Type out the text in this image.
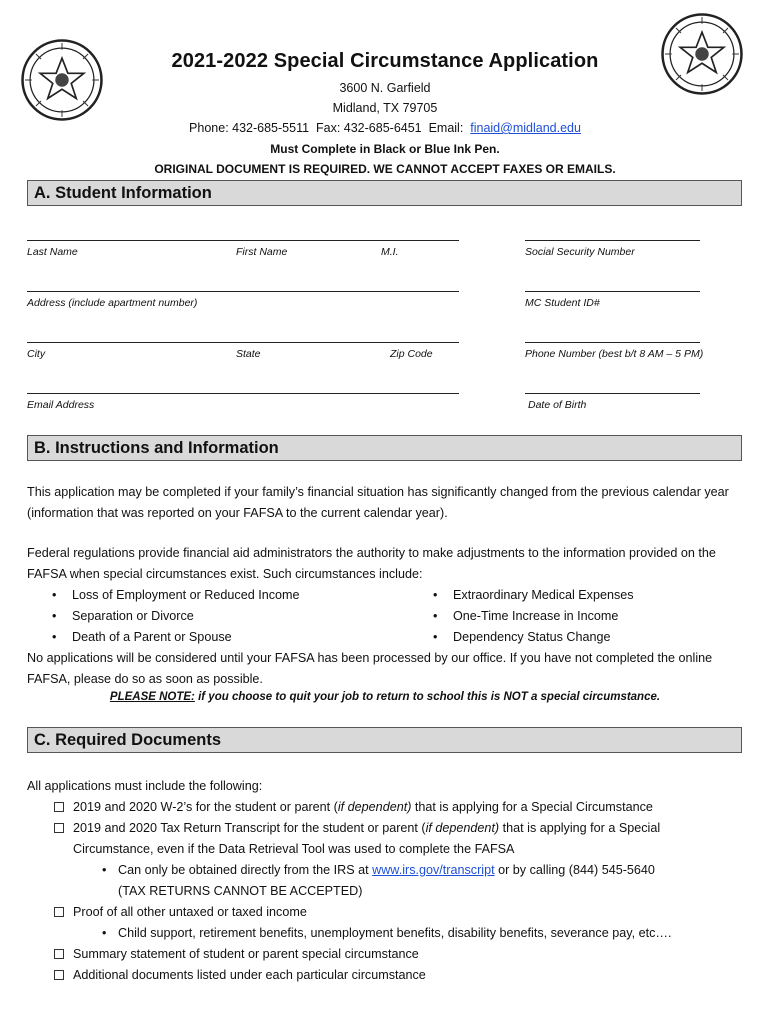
2021-2022 Special Circumstance Application
3600 N. Garfield
Midland, TX 79705
Phone: 432-685-5511  Fax: 432-685-6451  Email:  finaid@midland.edu
Must Complete in Black or Blue Ink Pen.
ORIGINAL DOCUMENT IS REQUIRED. WE CANNOT ACCEPT FAXES OR EMAILS.
A. Student Information
Last Name	First Name	M.I.	Social Security Number
Address (include apartment number)	MC Student ID#
City	State	Zip Code	Phone Number (best b/t 8 AM – 5 PM)
Email Address	Date of Birth
B. Instructions and Information
This application may be completed if your family’s financial situation has significantly changed from the previous calendar year (information that was reported on your FAFSA to the current calendar year).
Federal regulations provide financial aid administrators the authority to make adjustments to the information provided on the FAFSA when special circumstances exist. Such circumstances include:
• Loss of Employment or Reduced Income
• Separation or Divorce
• Death of a Parent or Spouse
• Extraordinary Medical Expenses
• One-Time Increase in Income
• Dependency Status Change
No applications will be considered until your FAFSA has been processed by our office. If you have not completed the online FAFSA, please do so as soon as possible.
PLEASE NOTE: if you choose to quit your job to return to school this is NOT a special circumstance.
C. Required Documents
All applications must include the following:
2019 and 2020 W-2’s for the student or parent (if dependent) that is applying for a Special Circumstance
2019 and 2020 Tax Return Transcript for the student or parent (if dependent) that is applying for a Special
Circumstance, even if the Data Retrieval Tool was used to complete the FAFSA
• Can only be obtained directly from the IRS at www.irs.gov/transcript or by calling (844) 545-5640
(TAX RETURNS CANNOT BE ACCEPTED)
Proof of all other untaxed or taxed income
• Child support, retirement benefits, unemployment benefits, disability benefits, severance pay, etc….
Summary statement of student or parent special circumstance
Additional documents listed under each particular circumstance
